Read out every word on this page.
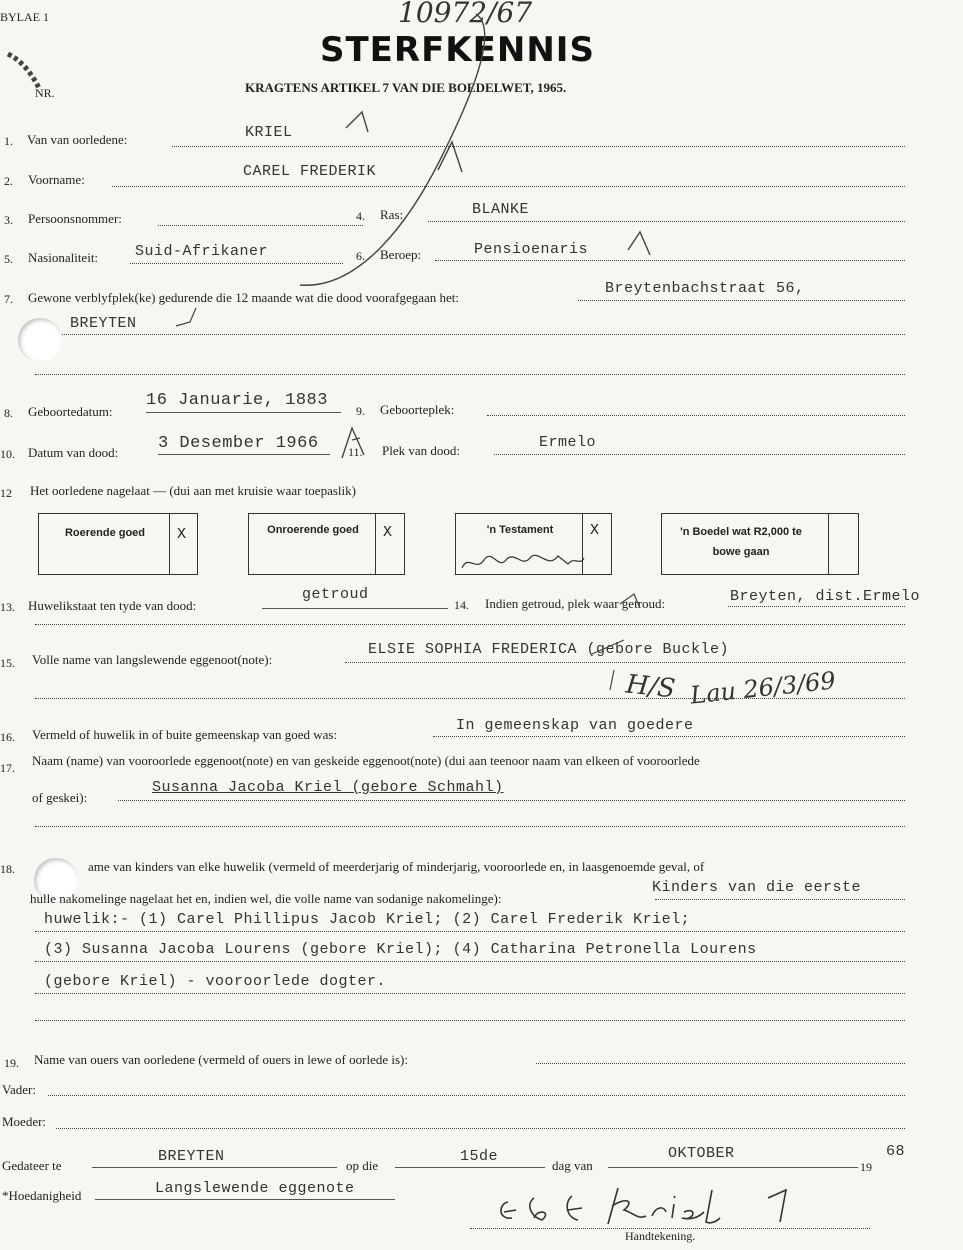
BYLAE 1	10972/67
STERFKENNIS
KRAGTENS ARTIKEL 7 VAN DIE BOEDELWET, 1965.
NR.
1. Van van oorledene:	KRIEL
2. Voorname:	CAREL FREDERIK
3. Persoonsnommer:	4. Ras:	BLANKE
5. Nasionaliteit: Suid-Afrikaner	6. Beroep:	Pensioenaris
7. Gewone verblyfplek(ke) gedurende die 12 maande wat die dood voorafgegaan het:
Breytenbachstraat 56,
BREYTEN
8. Geboortedatum:
16 Januarie, 1883
9. Geboorteplek:
10. Datum van dood: 3 Desember 1966 11. Plek van dood:	Ermelo
12 Het oorledene nagelaat — (dui aan met kruisie waar toepaslik)
Roerende goed	X	Onroerende goed	X	'n Testament	X	'n Boedel wat R2,000 te bowe gaan
13. Huwelikstaat ten tyde van dood:
getroud
14. Indien getroud, plek waar getroud:	Breyten, dist.Ermelo
15. Volle name van langslewende eggenoot(note):
ELSIE SOPHIA FREDERICA (gebore Buckle)
16. Vermeld of huwelik in of buite gemeenskap van goed was:
In gemeenskap van goedere
17. Naam (name) van vooroorlede eggenoot(note) en van geskeide eggenoot(note) (dui aan teenoor naam van elkeen of vooroorlede
of geskei):
Susanna Jacoba Kriel (gebore Schmahl)
18.	ame van kinders van elke huwelik (vermeld of meerderjarig of minderjarig, vooroorlede en, in laasgenoemde geval, of
hulle nakomelinge nagelaat het en, indien wel, die volle name van sodanige nakomelinge):
Kinders van die eerste
huwelik:- (1) Carel Phillipus Jacob Kriel; (2) Carel Frederik Kriel;
(3) Susanna Jacoba Lourens (gebore Kriel); (4) Catharina Petronella Lourens
(gebore Kriel) - vooroorlede dogter.
19. Name van ouers van oorledene (vermeld of ouers in lewe of oorlede is):
Vader:
Moeder:
Gedateer te
BREYTEN
op die
15de
dag van
OKTOBER
19
68
*Hoedanigheid	Langslewende eggenote
Handtekening.
H/S Lau 26/3/69
